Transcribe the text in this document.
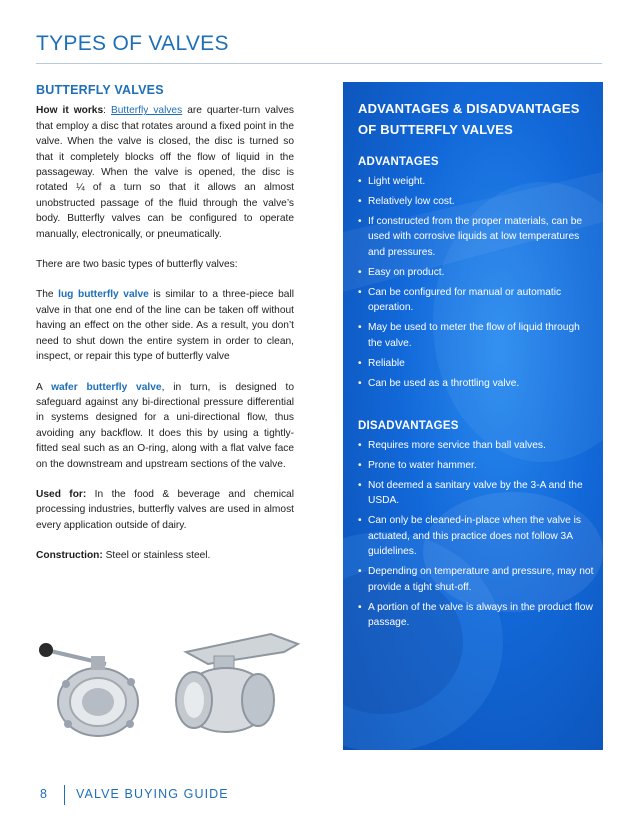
TYPES OF VALVES
BUTTERFLY VALVES

How it works: Butterfly valves are quarter-turn valves that employ a disc that rotates around a fixed point in the valve. When the valve is closed, the disc is turned so that it completely blocks off the flow of liquid in the passageway. When the valve is opened, the disc is rotated ¼ of a turn so that it allows an almost unobstructed passage of the fluid through the valve’s body. Butterfly valves can be configured to operate manually, electronically, or pneumatically.

There are two basic types of butterfly valves:

The lug butterfly valve is similar to a three-piece ball valve in that one end of the line can be taken off without having an effect on the other side. As a result, you don’t need to shut down the entire system in order to clean, inspect, or repair this type of butterfly valve

A wafer butterfly valve, in turn, is designed to safeguard against any bi-directional pressure differential in systems designed for a uni-directional flow, thus avoiding any backflow. It does this by using a tightly-fitted seal such as an O-ring, along with a flat valve face on the downstream and upstream sections of the valve.

Used for: In the food & beverage and chemical processing industries, butterfly valves are used in almost every application outside of dairy.

Construction: Steel or stainless steel.

ADVANTAGES & DISADVANTAGES
OF BUTTERFLY VALVES
ADVANTAGES
• Light weight.
• Relatively low cost.
• If constructed from the proper materials, can be used with corrosive liquids at low temperatures and pressures.
• Easy on product.
• Can be configured for manual or automatic operation.
• May be used to meter the flow of liquid through the valve.
• Reliable
• Can be used as a throttling valve.
DISADVANTAGES
• Requires more service than ball valves.
• Prone to water hammer.
• Not deemed a sanitary valve by the 3-A and the USDA.
• Can only be cleaned-in-place when the valve is actuated, and this practice does not follow 3A guidelines.
• Depending on temperature and pressure, may not provide a tight shut-off.
• A portion of the valve is always in the product flow passage.
8 VALVE BUYING GUIDE
